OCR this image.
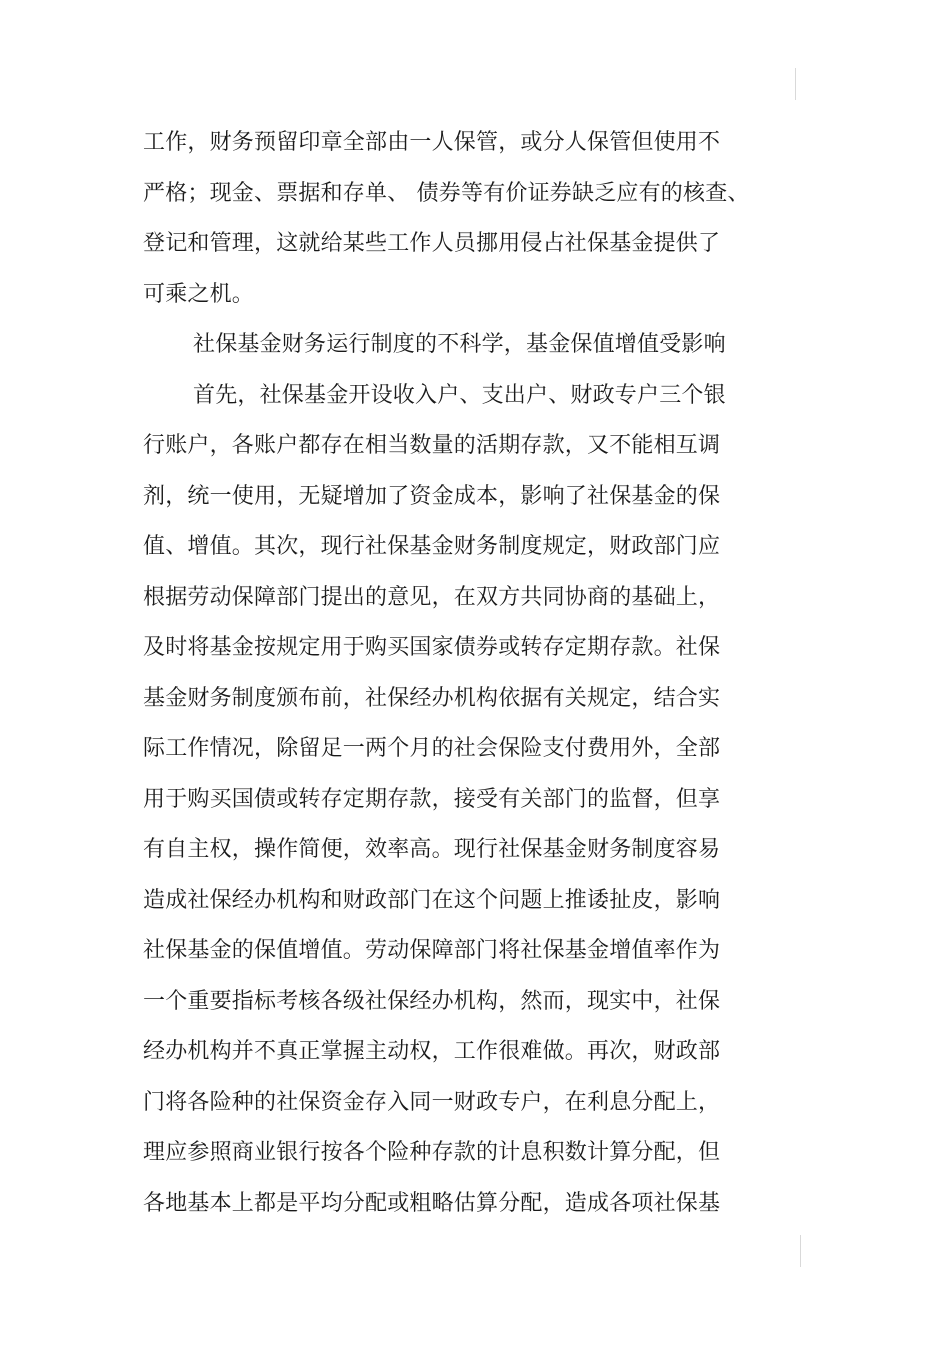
工作，财务预留印章全部由一人保管，或分人保管但使用不
严格；现金、票据和存单、 债券等有价证券缺乏应有的核查、
登记和管理，这就给某些工作人员挪用侵占社保基金提供了
可乘之机。
社保基金财务运行制度的不科学，基金保值增值受影响
首先，社保基金开设收入户、支出户、财政专户三个银
行账户，各账户都存在相当数量的活期存款，又不能相互调
剂，统一使用，无疑增加了资金成本，影响了社保基金的保
值、增值。其次，现行社保基金财务制度规定，财政部门应
根据劳动保障部门提出的意见，在双方共同协商的基础上，
及时将基金按规定用于购买国家债券或转存定期存款。社保
基金财务制度颁布前，社保经办机构依据有关规定，结合实
际工作情况，除留足一两个月的社会保险支付费用外，全部
用于购买国债或转存定期存款，接受有关部门的监督，但享
有自主权，操作简便，效率高。现行社保基金财务制度容易
造成社保经办机构和财政部门在这个问题上推诿扯皮，影响
社保基金的保值增值。劳动保障部门将社保基金增值率作为
一个重要指标考核各级社保经办机构，然而，现实中，社保
经办机构并不真正掌握主动权，工作很难做。再次，财政部
门将各险种的社保资金存入同一财政专户，在利息分配上，
理应参照商业银行按各个险种存款的计息积数计算分配，但
各地基本上都是平均分配或粗略估算分配，造成各项社保基
